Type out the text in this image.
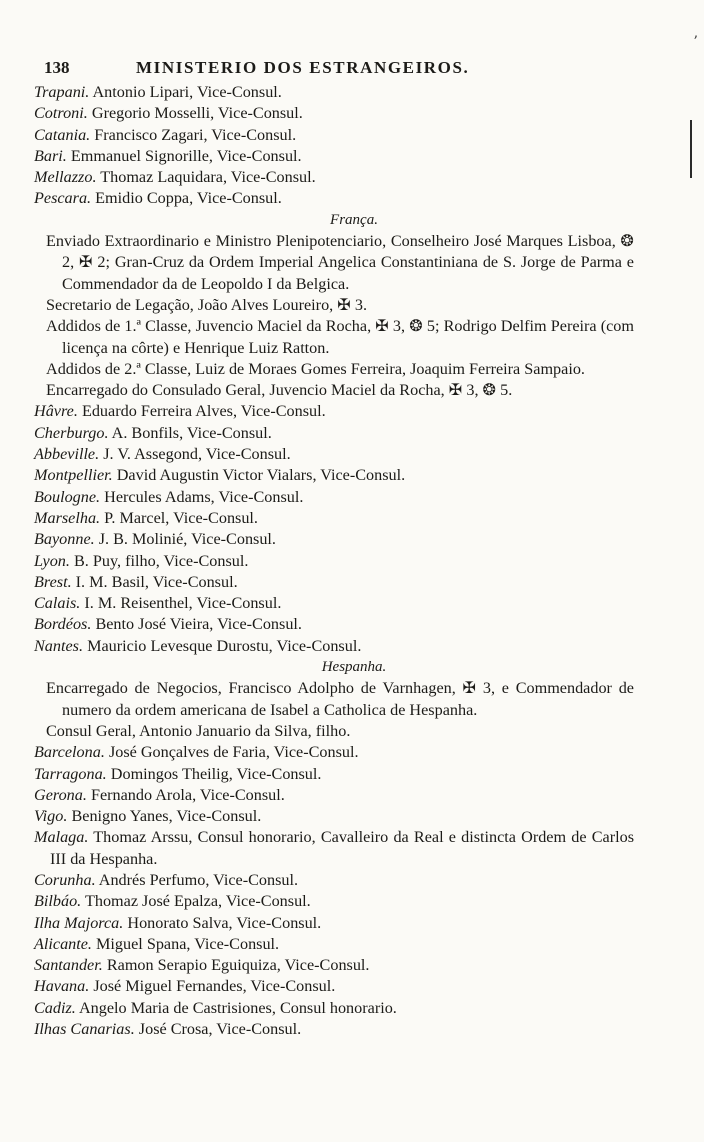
ʼ
138	MINISTERIO DOS ESTRANGEIROS.
Trapani. Antonio Lipari, Vice-Consul.
Cotroni. Gregorio Mosselli, Vice-Consul.
Catania. Francisco Zagari, Vice-Consul.
Bari. Emmanuel Signorille, Vice-Consul.
Mellazzo. Thomaz Laquidara, Vice-Consul.
Pescara. Emidio Coppa, Vice-Consul.
França.
Enviado Extraordinario e Ministro Plenipotenciario, Conselheiro José Marques Lisboa, ❂ 2, ✠ 2; Gran-Cruz da Ordem Imperial Angelica Constantiniana de S. Jorge de Parma e Commendador da de Leopoldo I da Belgica.
Secretario de Legação, João Alves Loureiro, ✠ 3.
Addidos de 1.ª Classe, Juvencio Maciel da Rocha, ✠ 3, ❂ 5; Rodrigo Delfim Pereira (com licença na côrte) e Henrique Luiz Ratton.
Addidos de 2.ª Classe, Luiz de Moraes Gomes Ferreira, Joaquim Ferreira Sampaio.
Encarregado do Consulado Geral, Juvencio Maciel da Rocha, ✠ 3, ❂ 5.
Hâvre. Eduardo Ferreira Alves, Vice-Consul.
Cherburgo. A. Bonfils, Vice-Consul.
Abbeville. J. V. Assegond, Vice-Consul.
Montpellier. David Augustin Victor Vialars, Vice-Consul.
Boulogne. Hercules Adams, Vice-Consul.
Marselha. P. Marcel, Vice-Consul.
Bayonne. J. B. Molinié, Vice-Consul.
Lyon. B. Puy, filho, Vice-Consul.
Brest. I. M. Basil, Vice-Consul.
Calais. I. M. Reisenthel, Vice-Consul.
Bordéos. Bento José Vieira, Vice-Consul.
Nantes. Mauricio Levesque Durostu, Vice-Consul.
Hespanha.
Encarregado de Negocios, Francisco Adolpho de Varnhagen, ✠ 3, e Commendador de numero da ordem americana de Isabel a Catholica de Hespanha.
Consul Geral, Antonio Januario da Silva, filho.
Barcelona. José Gonçalves de Faria, Vice-Consul.
Tarragona. Domingos Theilig, Vice-Consul.
Gerona. Fernando Arola, Vice-Consul.
Vigo. Benigno Yanes, Vice-Consul.
Malaga. Thomaz Arssu, Consul honorario, Cavalleiro da Real e distincta Ordem de Carlos III da Hespanha.
Corunha. Andrés Perfumo, Vice-Consul.
Bilbáo. Thomaz José Epalza, Vice-Consul.
Ilha Majorca. Honorato Salva, Vice-Consul.
Alicante. Miguel Spana, Vice-Consul.
Santander. Ramon Serapio Eguiquiza, Vice-Consul.
Havana. José Miguel Fernandes, Vice-Consul.
Cadiz. Angelo Maria de Castrisiones, Consul honorario.
Ilhas Canarias. José Crosa, Vice-Consul.
